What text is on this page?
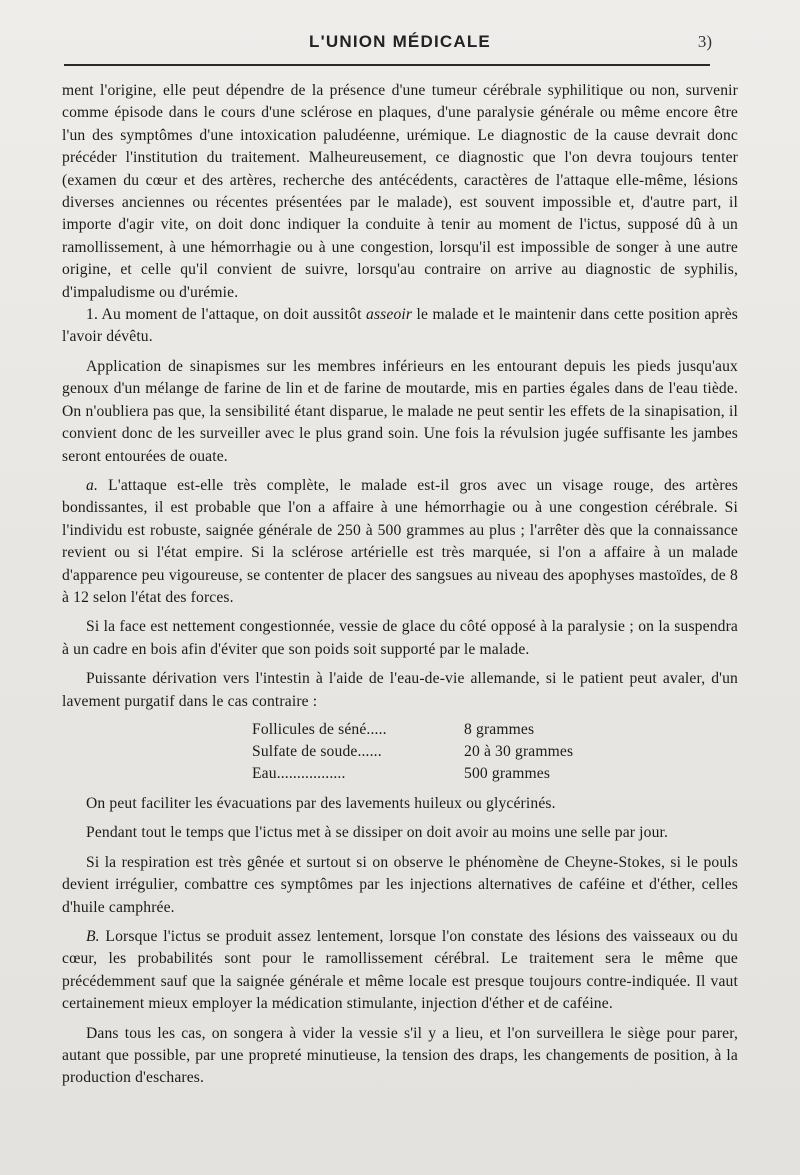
L'UNION MÉDICALE	3)

ment l'origine, elle peut dépendre de la présence d'une tumeur cérébrale syphilitique ou non, survenir comme épisode dans le cours d'une sclérose en plaques, d'une paralysie générale ou même encore être l'un des symptômes d'une intoxication paludéenne, urémique. Le diagnostic de la cause devrait donc précéder l'institution du traitement. Malheureusement, ce diagnostic que l'on devra toujours tenter (examen du cœur et des artères, recherche des antécédents, caractères de l'attaque elle-même, lésions diverses anciennes ou récentes présentées par le malade), est souvent impossible et, d'autre part, il importe d'agir vite, on doit donc indiquer la conduite à tenir au moment de l'ictus, supposé dû à un ramollissement, à une hémorrhagie ou à une congestion, lorsqu'il est impossible de songer à une autre origine, et celle qu'il convient de suivre, lorsqu'au contraire on arrive au diagnostic de syphilis, d'impaludisme ou d'urémie.

1. Au moment de l'attaque, on doit aussitôt asseoir le malade et le maintenir dans cette position après l'avoir dévêtu.

Application de sinapismes sur les membres inférieurs en les entourant depuis les pieds jusqu'aux genoux d'un mélange de farine de lin et de farine de moutarde, mis en parties égales dans de l'eau tiède. On n'oubliera pas que, la sensibilité étant disparue, le malade ne peut sentir les effets de la sinapisation, il convient donc de les surveiller avec le plus grand soin. Une fois la révulsion jugée suffisante les jambes seront entourées de ouate.

a. L'attaque est-elle très complète, le malade est-il gros avec un visage rouge, des artères bondissantes, il est probable que l'on a affaire à une hémorrhagie ou à une congestion cérébrale. Si l'individu est robuste, saignée générale de 250 à 500 grammes au plus ; l'arrêter dès que la connaissance revient ou si l'état empire. Si la sclérose artérielle est très marquée, si l'on a affaire à un malade d'apparence peu vigoureuse, se contenter de placer des sangsues au niveau des apophyses mastoïdes, de 8 à 12 selon l'état des forces.

Si la face est nettement congestionnée, vessie de glace du côté opposé à la paralysie ; on la suspendra à un cadre en bois afin d'éviter que son poids soit supporté par le malade.

Puissante dérivation vers l'intestin à l'aide de l'eau-de-vie allemande, si le patient peut avaler, d'un lavement purgatif dans le cas contraire :

Follicules de séné.....	8 grammes
Sulfate de soude......	20 à 30 grammes
Eau.................	500 grammes

On peut faciliter les évacuations par des lavements huileux ou glycérinés.

Pendant tout le temps que l'ictus met à se dissiper on doit avoir au moins une selle par jour.

Si la respiration est très gênée et surtout si on observe le phénomène de Cheyne-Stokes, si le pouls devient irrégulier, combattre ces symptômes par les injections alternatives de caféine et d'éther, celles d'huile camphrée.

B. Lorsque l'ictus se produit assez lentement, lorsque l'on constate des lésions des vaisseaux ou du cœur, les probabilités sont pour le ramollissement cérébral. Le traitement sera le même que précédemment sauf que la saignée générale et même locale est presque toujours contre-indiquée. Il vaut certainement mieux employer la médication stimulante, injection d'éther et de caféine.

Dans tous les cas, on songera à vider la vessie s'il y a lieu, et l'on surveillera le siège pour parer, autant que possible, par une propreté minutieuse, la tension des draps, les changements de position, à la production d'eschares.
